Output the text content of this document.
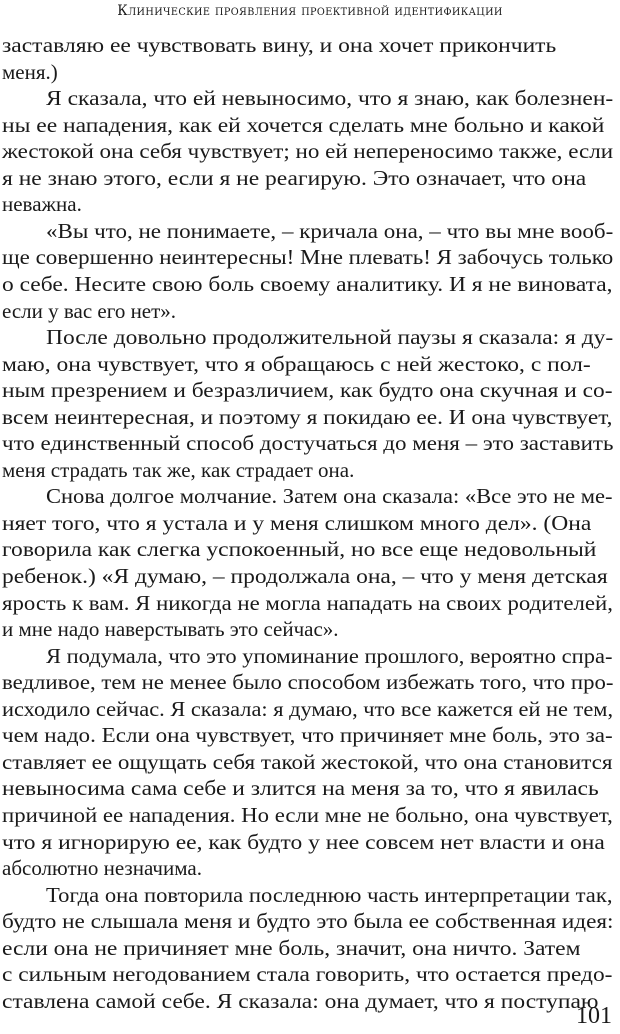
Клинические проявления проективной идентификации
заставляю ее чувствовать вину, и она хочет прикончить
меня.)
Я сказала, что ей невыносимо, что я знаю, как болезнен-
ны ее нападения, как ей хочется сделать мне больно и какой
жестокой она себя чувствует; но ей непереносимо также, если
я не знаю этого, если я не реагирую. Это означает, что она
неважна.
«Вы что, не понимаете, – кричала она, – что вы мне вооб-
ще совершенно неинтересны! Мне плевать! Я забочусь только
о себе. Несите свою боль своему аналитику. И я не виновата,
если у вас его нет».
После довольно продолжительной паузы я сказала: я ду-
маю, она чувствует, что я обращаюсь с ней жестоко, с пол-
ным презрением и безразличием, как будто она скучная и со-
всем неинтересная, и поэтому я покидаю ее. И она чувствует,
что единственный способ достучаться до меня – это заставить
меня страдать так же, как страдает она.
Снова долгое молчание. Затем она сказала: «Все это не ме-
няет того, что я устала и у меня слишком много дел». (Она
говорила как слегка успокоенный, но все еще недовольный
ребенок.) «Я думаю, – продолжала она, – что у меня детская
ярость к вам. Я никогда не могла нападать на своих родителей,
и мне надо наверстывать это сейчас».
Я подумала, что это упоминание прошлого, вероятно спра-
ведливое, тем не менее было способом избежать того, что про-
исходило сейчас. Я сказала: я думаю, что все кажется ей не тем,
чем надо. Если она чувствует, что причиняет мне боль, это за-
ставляет ее ощущать себя такой жестокой, что она становится
невыносима сама себе и злится на меня за то, что я явилась
причиной ее нападения. Но если мне не больно, она чувствует,
что я игнорирую ее, как будто у нее совсем нет власти и она
абсолютно незначима.
Тогда она повторила последнюю часть интерпретации так,
будто не слышала меня и будто это была ее собственная идея:
если она не причиняет мне боль, значит, она ничто. Затем
с сильным негодованием стала говорить, что остается предо-
ставлена самой себе. Я сказала: она думает, что я поступаю
101
